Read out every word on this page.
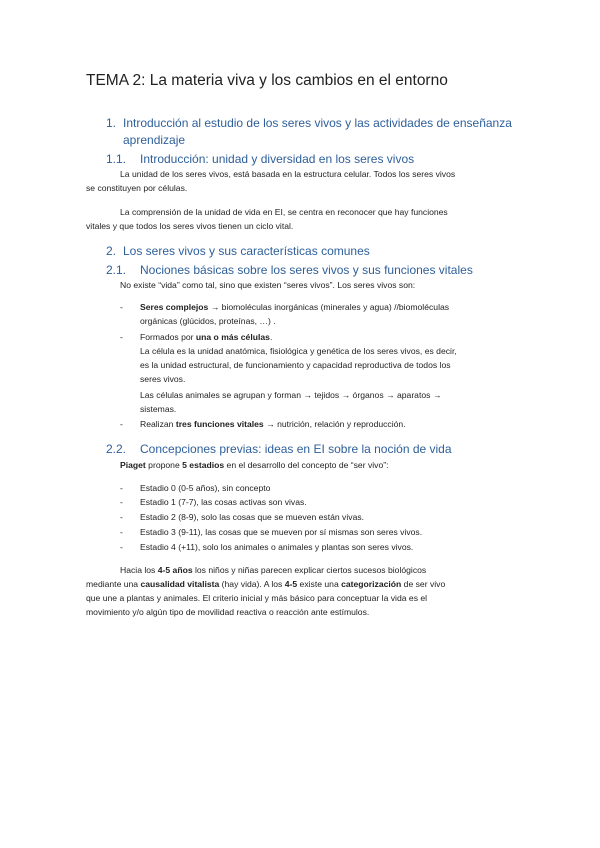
TEMA 2: La materia viva y los cambios en el entorno
1. Introducción al estudio de los seres vivos y las actividades de enseñanza
aprendizaje
1.1. Introducción: unidad y diversidad en los seres vivos
La unidad de los seres vivos, está basada en la estructura celular. Todos los seres vivos
se constituyen por células.
La comprensión de la unidad de vida en EI, se centra en reconocer que hay funciones
vitales y que todos los seres vivos tienen un ciclo vital.
2. Los seres vivos y sus características comunes
2.1. Nociones básicas sobre los seres vivos y sus funciones vitales
No existe “vida” como tal, sino que existen “seres vivos”. Los seres vivos son:
- Seres complejos → biomoléculas inorgánicas (minerales y agua) //biomoléculas
orgánicas (glúcidos, proteínas, …) .
- Formados por una o más células.
La célula es la unidad anatómica, fisiológica y genética de los seres vivos, es decir,
es la unidad estructural, de funcionamiento y capacidad reproductiva de todos los
seres vivos.
Las células animales se agrupan y forman → tejidos → órganos → aparatos →
sistemas.
- Realizan tres funciones vitales → nutrición, relación y reproducción.
2.2. Concepciones previas: ideas en EI sobre la noción de vida
Piaget propone 5 estadios en el desarrollo del concepto de “ser vivo”:
- Estadio 0 (0-5 años), sin concepto
- Estadio 1 (7-7), las cosas activas son vivas.
- Estadio 2 (8-9), solo las cosas que se mueven están vivas.
- Estadio 3 (9-11), las cosas que se mueven por sí mismas son seres vivos.
- Estadio 4 (+11), solo los animales o animales y plantas son seres vivos.
Hacia los 4-5 años los niños y niñas parecen explicar ciertos sucesos biológicos
mediante una causalidad vitalista (hay vida). A los 4-5 existe una categorización de ser vivo
que une a plantas y animales. El criterio inicial y más básico para conceptuar la vida es el
movimiento y/o algún tipo de movilidad reactiva o reacción ante estímulos.
